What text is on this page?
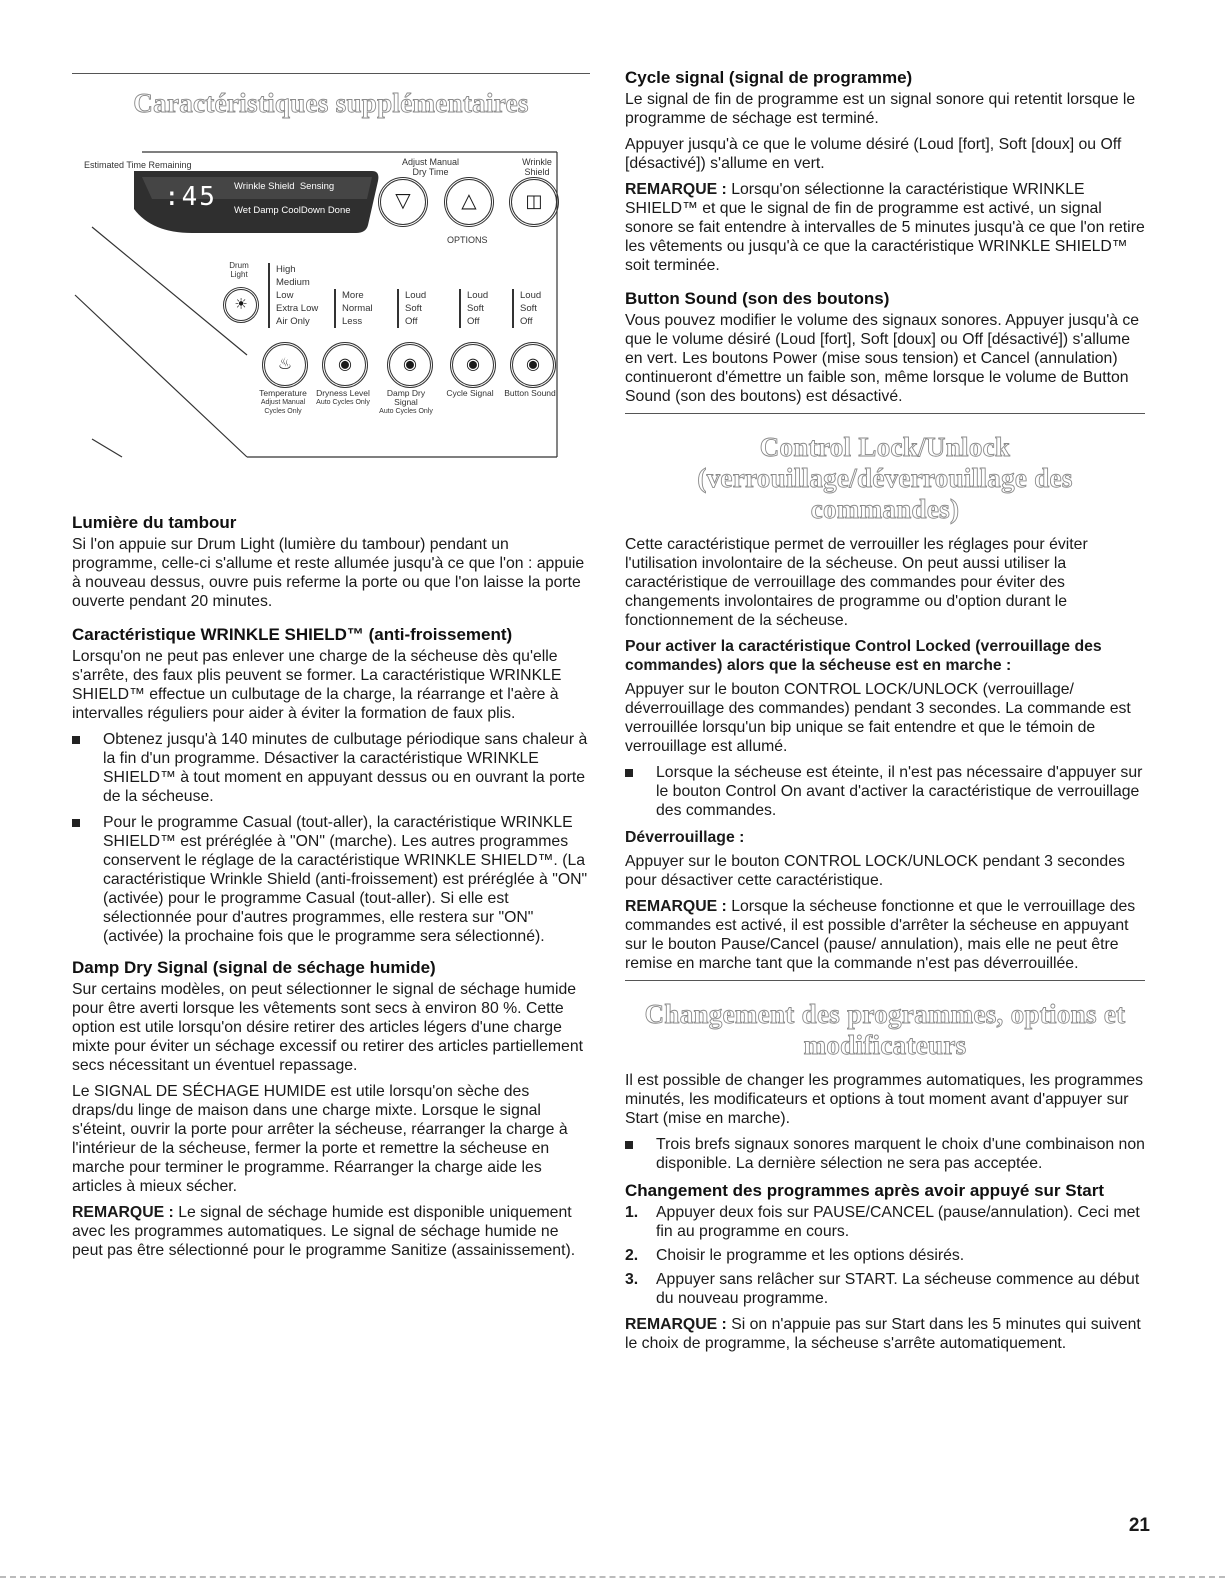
Caractéristiques supplémentaires
Estimated Time Remaining
:45 Wrinkle Shield Sensing
Wet Damp CoolDown Done
Adjust Manual
Dry Time
Wrinkle Shield
▽	△	◫
OPTIONS
Drum Light
☀
High
Medium
Low
Extra Low
Air Only
More
Normal
Less
Loud
Soft
Off
Loud
Soft
Off
Loud
Soft
Off
♨	◉	◉	◉	◉
Temperature
Adjust Manual Cycles Only
Dryness Level
Auto Cycles Only
Damp Dry Signal
Auto Cycles Only
Cycle Signal Button Sound
Lumière du tambour

Si l'on appuie sur Drum Light (lumière du tambour) pendant un programme, celle-ci s'allume et reste allumée jusqu'à ce que l'on : appuie à nouveau dessus, ouvre puis referme la porte ou que l'on laisse la porte ouverte pendant 20 minutes.

Caractéristique WRINKLE SHIELD™ (anti-froissement)

Lorsqu'on ne peut pas enlever une charge de la sécheuse dès qu'elle s'arrête, des faux plis peuvent se former. La caractéristique WRINKLE SHIELD™ effectue un culbutage de la charge, la réarrange et l'aère à intervalles réguliers pour aider à éviter la formation de faux plis.

Obtenez jusqu'à 140 minutes de culbutage périodique sans chaleur à la fin d'un programme. Désactiver la caractéristique WRINKLE SHIELD™ à tout moment en appuyant dessus ou en ouvrant la porte de la sécheuse.
Pour le programme Casual (tout-aller), la caractéristique WRINKLE SHIELD™ est préréglée à "ON" (marche). Les autres programmes conservent le réglage de la caractéristique WRINKLE SHIELD™. (La caractéristique Wrinkle Shield (anti-froissement) est préréglée à "ON" (activée) pour le programme Casual (tout-aller). Si elle est sélectionnée pour d'autres programmes, elle restera sur "ON" (activée) la prochaine fois que le programme sera sélectionné).
Damp Dry Signal (signal de séchage humide)

Sur certains modèles, on peut sélectionner le signal de séchage humide pour être averti lorsque les vêtements sont secs à environ 80 %. Cette option est utile lorsqu'on désire retirer des articles légers d'une charge mixte pour éviter un séchage excessif ou retirer des articles partiellement secs nécessitant un éventuel repassage.

Le SIGNAL DE SÉCHAGE HUMIDE est utile lorsqu'on sèche des draps/du linge de maison dans une charge mixte. Lorsque le signal s'éteint, ouvrir la porte pour arrêter la sécheuse, réarranger la charge à l'intérieur de la sécheuse, fermer la porte et remettre la sécheuse en marche pour terminer le programme. Réarranger la charge aide les articles à mieux sécher.

REMARQUE : Le signal de séchage humide est disponible uniquement avec les programmes automatiques. Le signal de séchage humide ne peut pas être sélectionné pour le programme Sanitize (assainissement).

Cycle signal (signal de programme)

Le signal de fin de programme est un signal sonore qui retentit lorsque le programme de séchage est terminé.

Appuyer jusqu'à ce que le volume désiré (Loud [fort], Soft [doux] ou Off [désactivé]) s'allume en vert.

REMARQUE : Lorsqu'on sélectionne la caractéristique WRINKLE SHIELD™ et que le signal de fin de programme est activé, un signal sonore se fait entendre à intervalles de 5 minutes jusqu'à ce que l'on retire les vêtements ou jusqu'à ce que la caractéristique WRINKLE SHIELD™ soit terminée.

Button Sound (son des boutons)

Vous pouvez modifier le volume des signaux sonores. Appuyer jusqu'à ce que le volume désiré (Loud [fort], Soft [doux] ou Off [désactivé]) s'allume en vert. Les boutons Power (mise sous tension) et Cancel (annulation) continueront d'émettre un faible son, même lorsque le volume de Button Sound (son des boutons) est désactivé.

Control Lock/Unlock
(verrouillage/déverrouillage des commandes)

Cette caractéristique permet de verrouiller les réglages pour éviter l'utilisation involontaire de la sécheuse. On peut aussi utiliser la caractéristique de verrouillage des commandes pour éviter des changements involontaires de programme ou d'option durant le fonctionnement de la sécheuse.

Pour activer la caractéristique Control Locked (verrouillage des commandes) alors que la sécheuse est en marche :

Appuyer sur le bouton CONTROL LOCK/UNLOCK (verrouillage/ déverrouillage des commandes) pendant 3 secondes. La commande est verrouillée lorsqu'un bip unique se fait entendre et que le témoin de verrouillage est allumé.

Lorsque la sécheuse est éteinte, il n'est pas nécessaire d'appuyer sur le bouton Control On avant d'activer la caractéristique de verrouillage des commandes.

Déverrouillage :

Appuyer sur le bouton CONTROL LOCK/UNLOCK pendant 3 secondes pour désactiver cette caractéristique.

REMARQUE : Lorsque la sécheuse fonctionne et que le verrouillage des commandes est activé, il est possible d'arrêter la sécheuse en appuyant sur le bouton Pause/Cancel (pause/ annulation), mais elle ne peut être remise en marche tant que la commande n'est pas déverrouillée.

Changement des programmes, options et
modificateurs

Il est possible de changer les programmes automatiques, les programmes minutés, les modificateurs et options à tout moment avant d'appuyer sur Start (mise en marche).

Trois brefs signaux sonores marquent le choix d'une combinaison non disponible. La dernière sélection ne sera pas acceptée.
Changement des programmes après avoir appuyé sur Start
1. Appuyer deux fois sur PAUSE/CANCEL (pause/annulation). Ceci met fin au programme en cours.
2. Choisir le programme et les options désirés.
3. Appuyer sans relâcher sur START. La sécheuse commence au début du nouveau programme.

REMARQUE : Si on n'appuie pas sur Start dans les 5 minutes qui suivent le choix de programme, la sécheuse s'arrête automatiquement.

21
